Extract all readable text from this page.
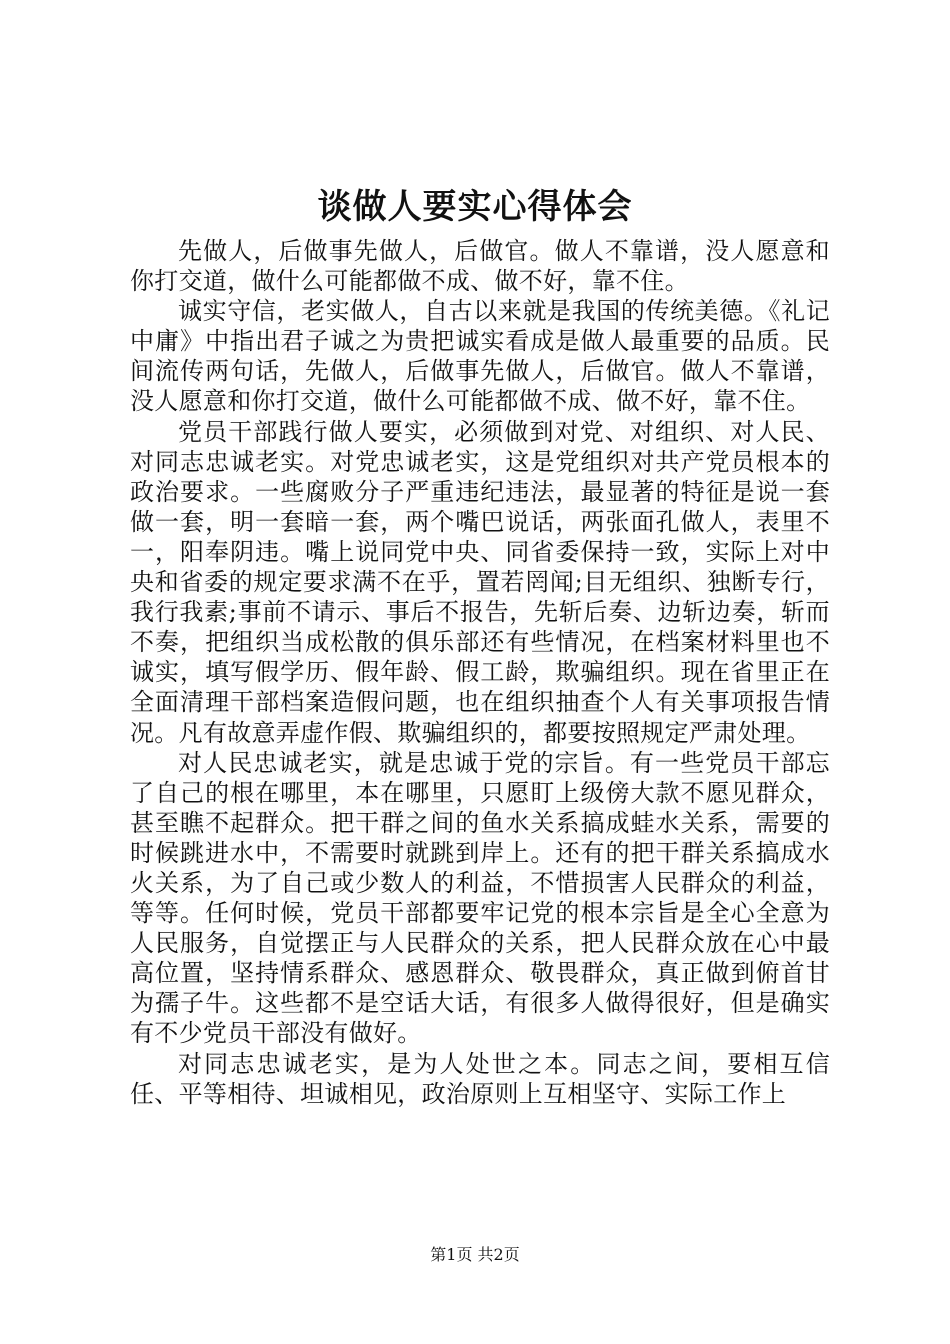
谈做人要实心得体会

先做人，后做事先做人，后做官。做人不靠谱，没人愿意和你打交道，做什么可能都做不成、做不好，靠不住。

诚实守信，老实做人，自古以来就是我国的传统美德。《礼记中庸》中指出君子诚之为贵把诚实看成是做人最重要的品质。民间流传两句话，先做人，后做事先做人，后做官。做人不靠谱，没人愿意和你打交道，做什么可能都做不成、做不好，靠不住。

党员干部践行做人要实，必须做到对党、对组织、对人民、对同志忠诚老实。对党忠诚老实，这是党组织对共产党员根本的政治要求。一些腐败分子严重违纪违法，最显著的特征是说一套做一套，明一套暗一套，两个嘴巴说话，两张面孔做人，表里不一，阳奉阴违。嘴上说同党中央、同省委保持一致，实际上对中央和省委的规定要求满不在乎，置若罔闻;目无组织、独断专行，我行我素;事前不请示、事后不报告，先斩后奏、边斩边奏，斩而不奏，把组织当成松散的俱乐部还有些情况，在档案材料里也不诚实，填写假学历、假年龄、假工龄，欺骗组织。现在省里正在全面清理干部档案造假问题，也在组织抽查个人有关事项报告情况。凡有故意弄虚作假、欺骗组织的，都要按照规定严肃处理。

对人民忠诚老实，就是忠诚于党的宗旨。有一些党员干部忘了自己的根在哪里，本在哪里，只愿盯上级傍大款不愿见群众，甚至瞧不起群众。把干群之间的鱼水关系搞成蛙水关系，需要的时候跳进水中，不需要时就跳到岸上。还有的把干群关系搞成水火关系，为了自己或少数人的利益，不惜损害人民群众的利益，等等。任何时候，党员干部都要牢记党的根本宗旨是全心全意为人民服务，自觉摆正与人民群众的关系，把人民群众放在心中最高位置，坚持情系群众、感恩群众、敬畏群众，真正做到俯首甘为孺子牛。这些都不是空话大话，有很多人做得很好，但是确实有不少党员干部没有做好。

对同志忠诚老实，是为人处世之本。同志之间，要相互信任、平等相待、坦诚相见，政治原则上互相坚守、实际工作上

第1页 共2页
